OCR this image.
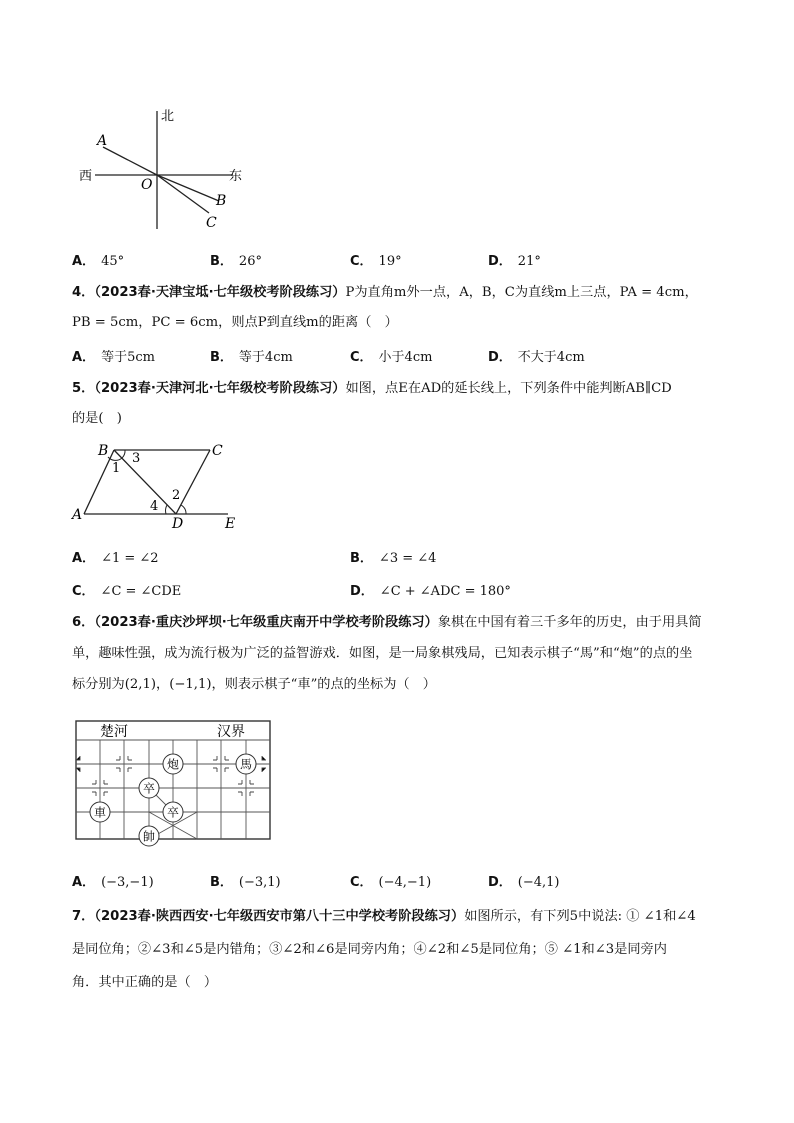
北
西	东
A
O
B
C
A． 45°	B． 26°	C． 19°	D． 21°
4．（2023春·天津宝坻·七年级校考阶段练习）P为直角m外一点，A，B，C为直线m上三点，PA = 4cm，
PB = 5cm，PC = 6cm，则点P到直线m的距离（　）
A． 等于5cm	B． 等于4cm	C． 小于4cm	D． 不大于4cm
5．（2023春·天津河北·七年级校考阶段练习）如图，点E在AD的延长线上，下列条件中能判断AB∥CD
的是(　)
B	C
A
D	E
1
3
4
2
A． ∠1 = ∠2	B． ∠3 = ∠4
C． ∠C = ∠CDE	D． ∠C + ∠ADC = 180°
6．（2023春·重庆沙坪坝·七年级重庆南开中学校考阶段练习）象棋在中国有着三千多年的历史，由于用具简
单，趣味性强，成为流行极为广泛的益智游戏．如图，是一局象棋残局，已知表示棋子“馬”和“炮”的点的坐
标分别为(2,1)，(−1,1)，则表示棋子“車”的点的坐标为（　）
楚河	汉界
炮	馬
卒
卒
車
帥
A． (−3,−1)	B． (−3,1)	C． (−4,−1)	D． (−4,1)
7．（2023春·陕西西安·七年级西安市第八十三中学校考阶段练习）如图所示，有下列5中说法: ① ∠1和∠4
是同位角；②∠3和∠5是内错角；③∠2和∠6是同旁内角；④∠2和∠5是同位角；⑤ ∠1和∠3是同旁内
角．其中正确的是（　）
